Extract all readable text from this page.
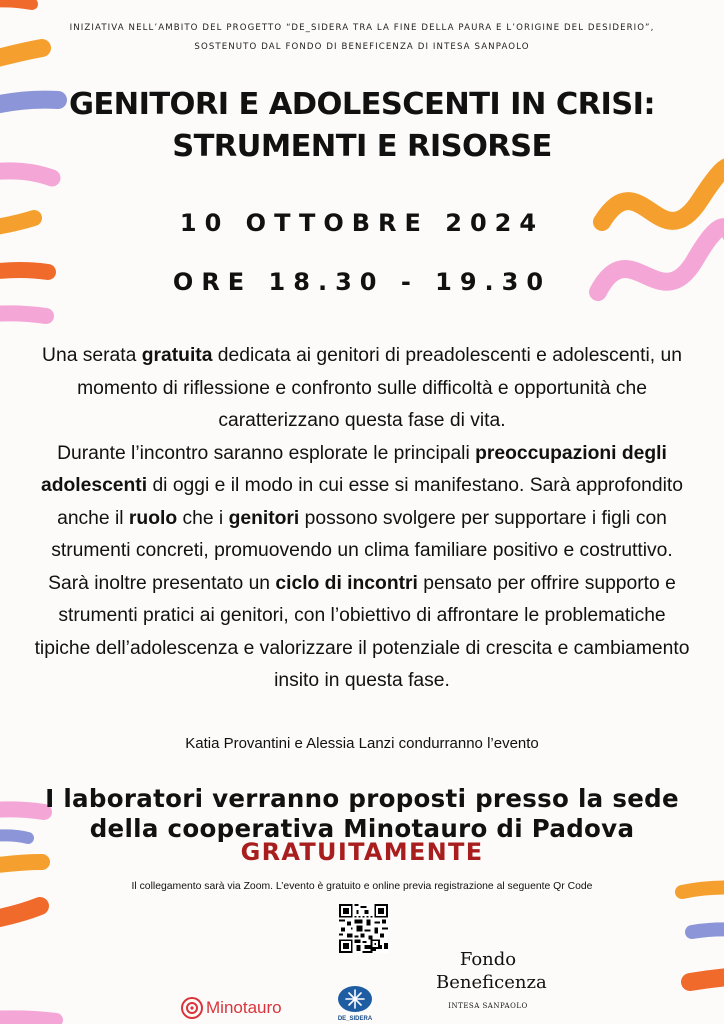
INIZIATIVA NELL’AMBITO DEL PROGETTO “DE_SIDERA TRA LA FINE DELLA PAURA E L’ORIGINE DEL DESIDERIO”,
SOSTENUTO DAL FONDO DI BENEFICENZA DI INTESA SANPAOLO
GENITORI E ADOLESCENTI IN CRISI:
STRUMENTI E RISORSE
10 OTTOBRE 2024
ORE 18.30 - 19.30
Una serata gratuita dedicata ai genitori di preadolescenti e adolescenti, un momento di riflessione e confronto sulle difficoltà e opportunità che caratterizzano questa fase di vita.
Durante l’incontro saranno esplorate le principali preoccupazioni degli adolescenti di oggi e il modo in cui esse si manifestano. Sarà approfondito anche il ruolo che i genitori possono svolgere per supportare i figli con strumenti concreti, promuovendo un clima familiare positivo e costruttivo.
Sarà inoltre presentato un ciclo di incontri pensato per offrire supporto e strumenti pratici ai genitori, con l’obiettivo di affrontare le problematiche tipiche dell’adolescenza e valorizzare il potenziale di crescita e cambiamento insito in questa fase.
Katia Provantini e Alessia Lanzi condurranno l’evento
I laboratori verranno proposti presso la sede
della cooperativa Minotauro di Padova
GRATUITAMENTE
Il collegamento sarà via Zoom. L’evento è gratuito e online previa registrazione al seguente Qr Code
Minotauro
DE_SIDERA
Fondo
Beneficenza
INTESA SANPAOLO
